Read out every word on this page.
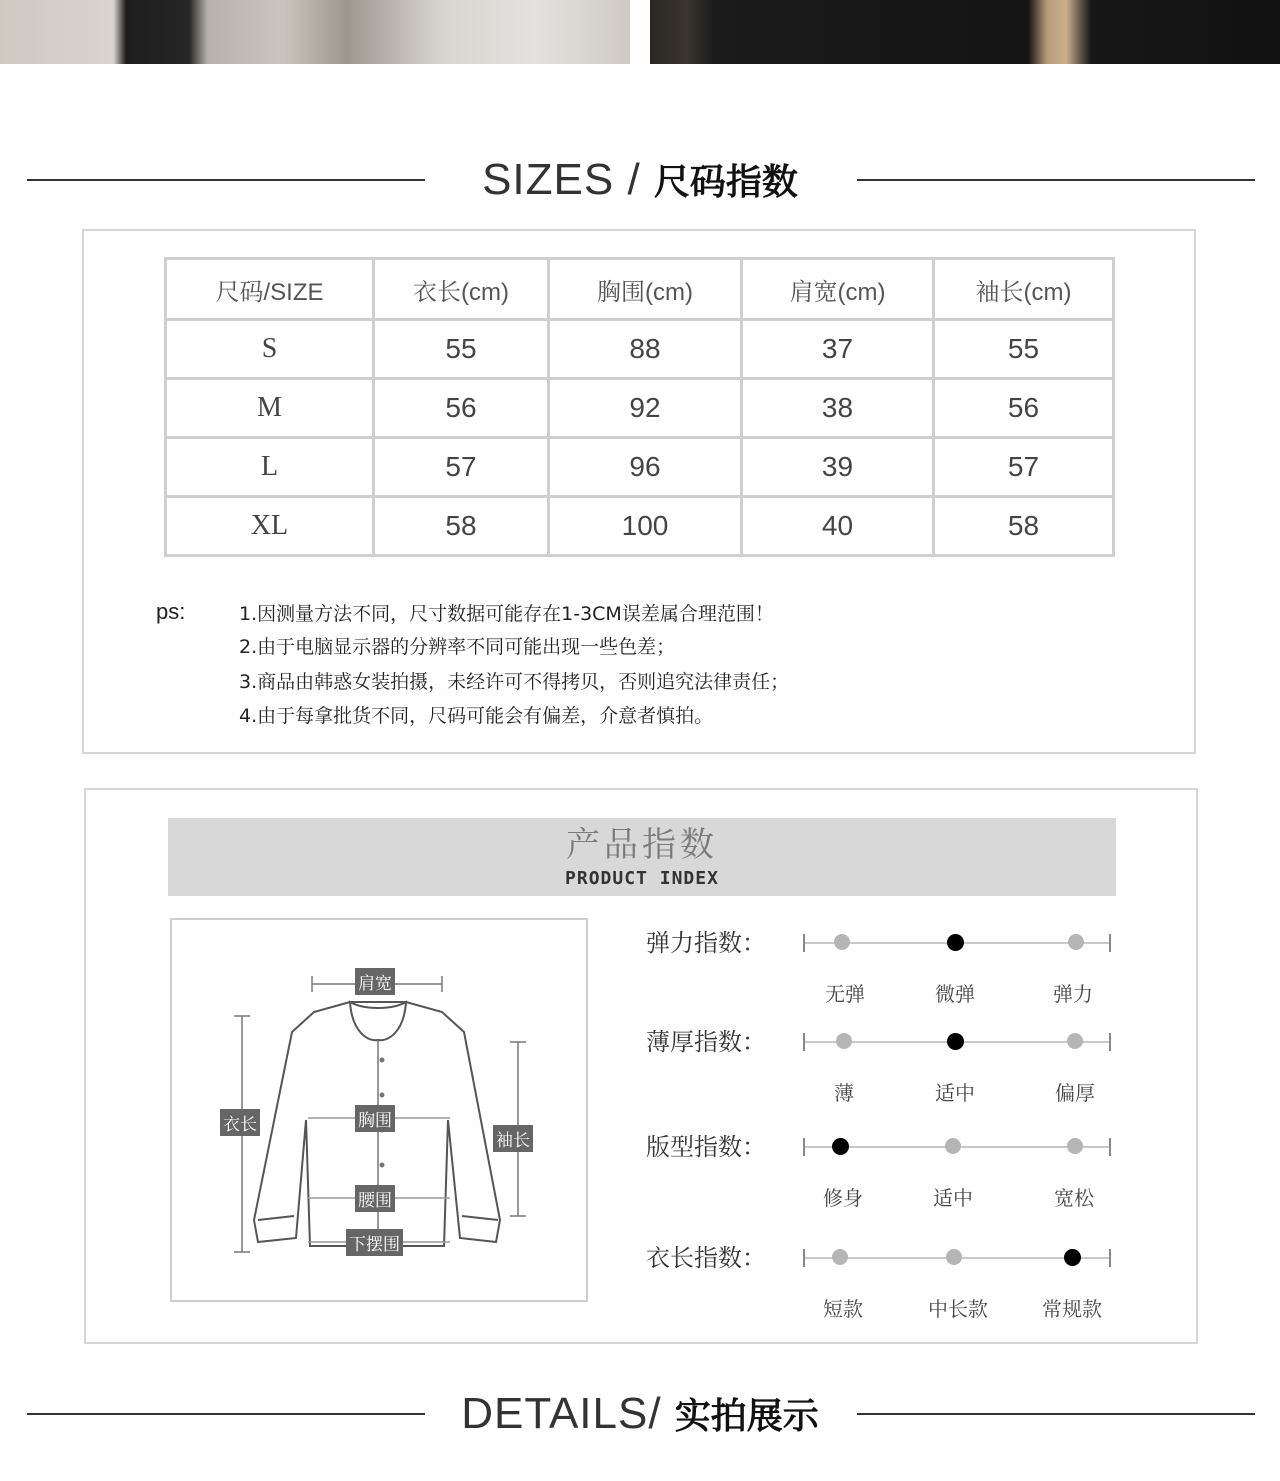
SIZES / 尺码指数
尺码/SIZE	衣长(cm)	胸围(cm)	肩宽(cm)	袖长(cm)
S	55	88	37	55
M	56	92	38	56
L	57	96	39	57
XL	58	100	40	58
ps:	1.因测量方法不同，尺寸数据可能存在1-3CM误差属合理范围！
2.由于电脑显示器的分辨率不同可能出现一些色差；
3.商品由韩惑女装拍摄，未经许可不得拷贝，否则追究法律责任；
4.由于每拿批货不同，尺码可能会有偏差，介意者慎拍。
产品指数
PRODUCT INDEX
肩宽
衣长	胸围
袖长
腰围
下摆围
弹力指数：
无弹	微弹	弹力
薄厚指数：
薄	适中	偏厚
版型指数：
修身	适中	宽松
衣长指数：
短款	中长款	常规款
DETAILS/ 实拍展示
